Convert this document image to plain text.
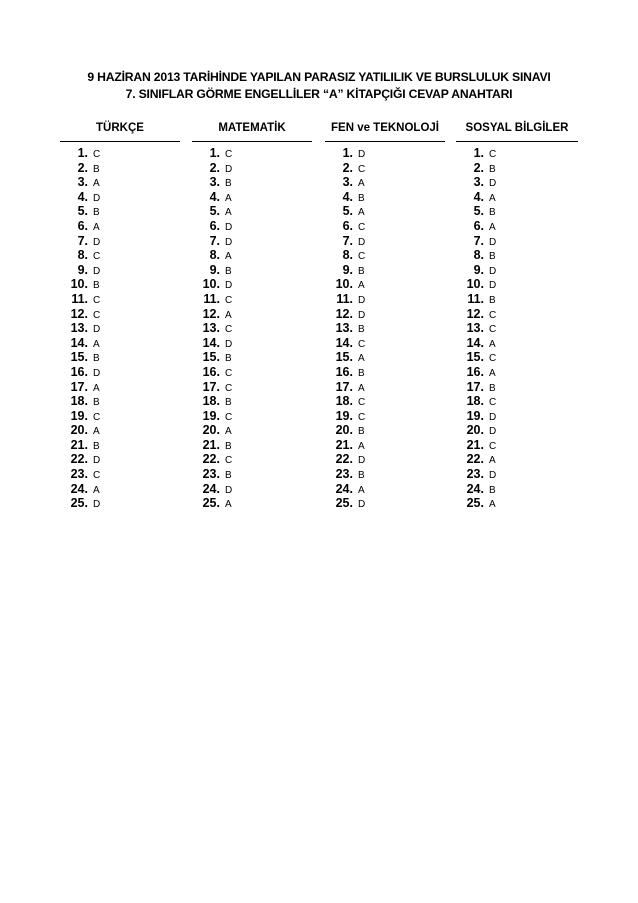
9 HAZİRAN 2013 TARİHİNDE YAPILAN PARASIZ YATILILIK VE BURSLULUK SINAVI
7. SINIFLAR GÖRME ENGELLİLER “A” KİTAPÇIĞI CEVAP ANAHTARI
TÜRKÇE
1. C
2. B
3. A
4. D
5. B
6. A
7. D
8. C
9. D
10. B
11. C
12. C
13. D
14. A
15. B
16. D
17. A
18. B
19. C
20. A
21. B
22. D
23. C
24. A
25. D
MATEMATİK
1. C
2. D
3. B
4. A
5. A
6. D
7. D
8. A
9. B
10. D
11. C
12. A
13. C
14. D
15. B
16. C
17. C
18. B
19. C
20. A
21. B
22. C
23. B
24. D
25. A
FEN ve TEKNOLOJİ
1. D
2. C
3. A
4. B
5. A
6. C
7. D
8. C
9. B
10. A
11. D
12. D
13. B
14. C
15. A
16. B
17. A
18. C
19. C
20. B
21. A
22. D
23. B
24. A
25. D
SOSYAL BİLGİLER
1. C
2. B
3. D
4. A
5. B
6. A
7. D
8. B
9. D
10. D
11. B
12. C
13. C
14. A
15. C
16. A
17. B
18. C
19. D
20. D
21. C
22. A
23. D
24. B
25. A
